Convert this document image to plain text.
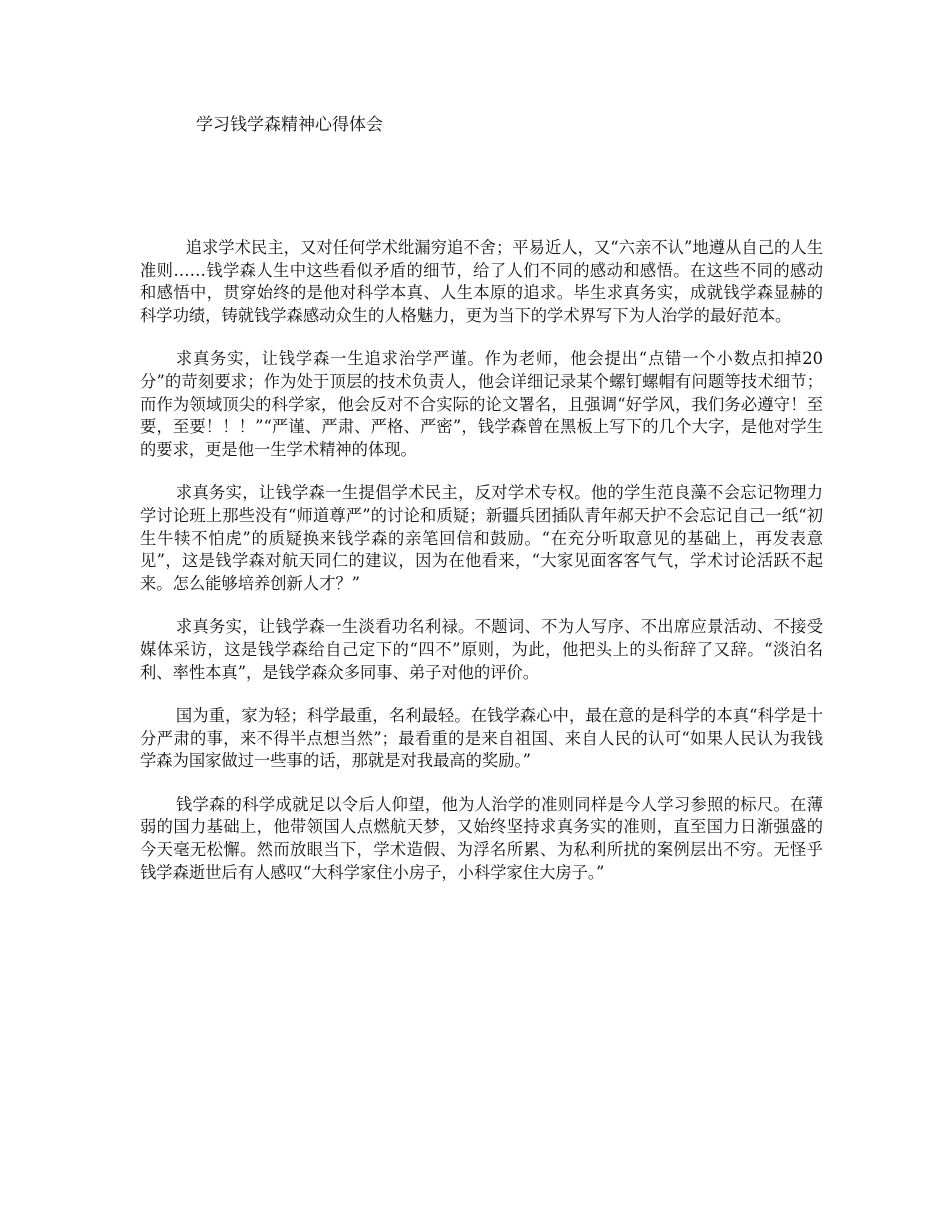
学习钱学森精神心得体会

追求学术民主，又对任何学术纰漏穷追不舍；平易近人，又“六亲不认”地遵从自己的人生准则……钱学森人生中这些看似矛盾的细节，给了人们不同的感动和感悟。在这些不同的感动和感悟中，贯穿始终的是他对科学本真、人生本原的追求。毕生求真务实，成就钱学森显赫的科学功绩，铸就钱学森感动众生的人格魅力，更为当下的学术界写下为人治学的最好范本。

求真务实，让钱学森一生追求治学严谨。作为老师，他会提出“点错一个小数点扣掉20分”的苛刻要求；作为处于顶层的技术负责人，他会详细记录某个螺钉螺帽有问题等技术细节；而作为领域顶尖的科学家，他会反对不合实际的论文署名，且强调“好学风，我们务必遵守！至要，至要！！！”“严谨、严肃、严格、严密”，钱学森曾在黑板上写下的几个大字，是他对学生的要求，更是他一生学术精神的体现。

求真务实，让钱学森一生提倡学术民主，反对学术专权。他的学生范良藻不会忘记物理力学讨论班上那些没有“师道尊严”的讨论和质疑；新疆兵团插队青年郝天护不会忘记自己一纸“初生牛犊不怕虎”的质疑换来钱学森的亲笔回信和鼓励。“在充分听取意见的基础上，再发表意见”，这是钱学森对航天同仁的建议，因为在他看来，“大家见面客客气气，学术讨论活跃不起来。怎么能够培养创新人才？”

求真务实，让钱学森一生淡看功名利禄。不题词、不为人写序、不出席应景活动、不接受媒体采访，这是钱学森给自己定下的“四不”原则，为此，他把头上的头衔辞了又辞。“淡泊名利、率性本真”，是钱学森众多同事、弟子对他的评价。

国为重，家为轻；科学最重，名利最轻。在钱学森心中，最在意的是科学的本真“科学是十分严肃的事，来不得半点想当然”；最看重的是来自祖国、来自人民的认可“如果人民认为我钱学森为国家做过一些事的话，那就是对我最高的奖励。”

钱学森的科学成就足以令后人仰望，他为人治学的准则同样是今人学习参照的标尺。在薄弱的国力基础上，他带领国人点燃航天梦，又始终坚持求真务实的准则，直至国力日渐强盛的今天毫无松懈。然而放眼当下，学术造假、为浮名所累、为私利所扰的案例层出不穷。无怪乎钱学森逝世后有人感叹“大科学家住小房子，小科学家住大房子。”
